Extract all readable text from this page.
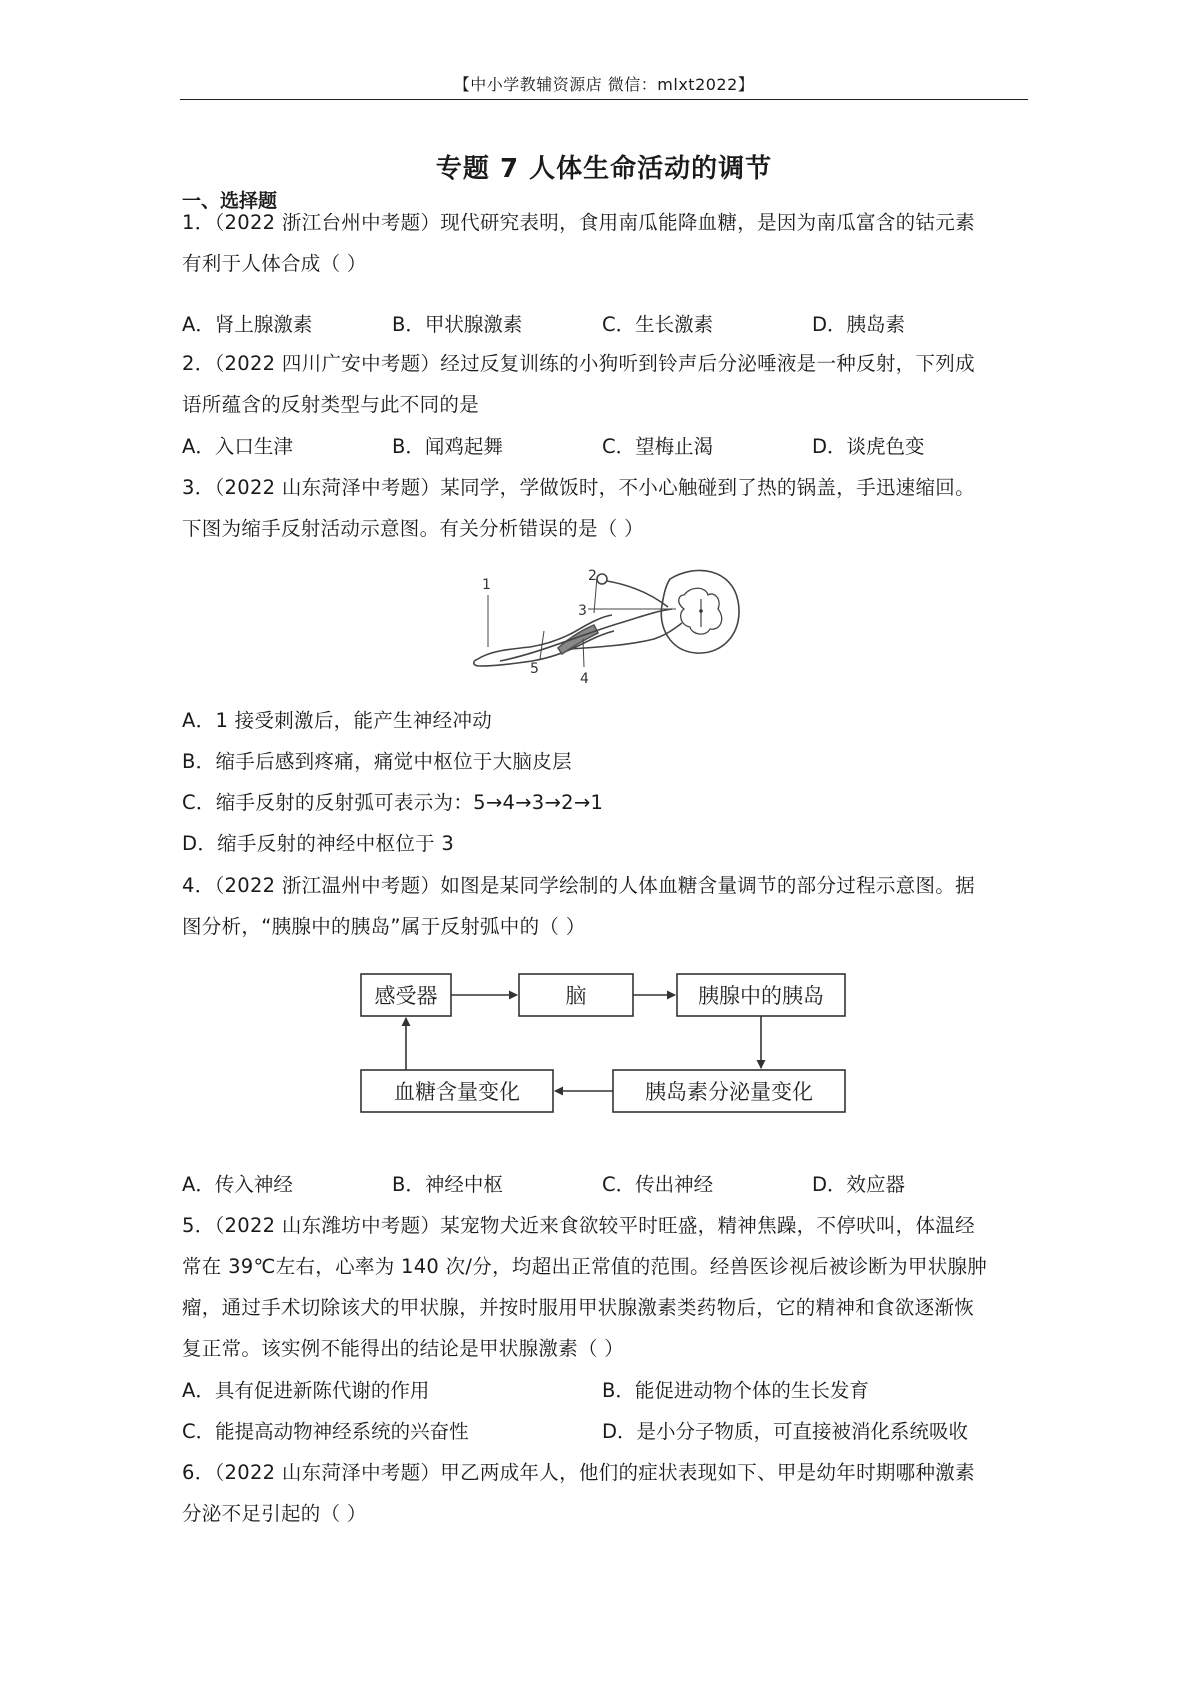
【中小学教辅资源店 微信：mlxt2022】
专题 7 人体生命活动的调节
一、选择题
1．（2022 浙江台州中考题）现代研究表明，食用南瓜能降血糖，是因为南瓜富含的钴元素
有利于人体合成（ ）
A．肾上腺激素	B．甲状腺激素	C．生长激素	D．胰岛素
2．（2022 四川广安中考题）经过反复训练的小狗听到铃声后分泌唾液是一种反射，下列成
语所蕴含的反射类型与此不同的是
A．入口生津	B．闻鸡起舞	C．望梅止渴	D．谈虎色变
3．（2022 山东菏泽中考题）某同学，学做饭时，不小心触碰到了热的锅盖，手迅速缩回。
下图为缩手反射活动示意图。有关分析错误的是（ ）
1
2
3
4
5
A．1 接受刺激后，能产生神经冲动
B．缩手后感到疼痛，痛觉中枢位于大脑皮层
C．缩手反射的反射弧可表示为：5→4→3→2→1
D．缩手反射的神经中枢位于 3
4．（2022 浙江温州中考题）如图是某同学绘制的人体血糖含量调节的部分过程示意图。据
图分析，“胰腺中的胰岛”属于反射弧中的（ ）
感受器	脑	胰腺中的胰岛
胰岛素分泌量变化
血糖含量变化
A．传入神经	B．神经中枢	C．传出神经	D．效应器
5．（2022 山东潍坊中考题）某宠物犬近来食欲较平时旺盛，精神焦躁，不停吠叫，体温经
常在 39℃左右，心率为 140 次/分，均超出正常值的范围。经兽医诊视后被诊断为甲状腺肿
瘤，通过手术切除该犬的甲状腺，并按时服用甲状腺激素类药物后，它的精神和食欲逐渐恢
复正常。该实例不能得出的结论是甲状腺激素（ ）
A．具有促进新陈代谢的作用	B．能促进动物个体的生长发育
C．能提高动物神经系统的兴奋性	D．是小分子物质，可直接被消化系统吸收
6．（2022 山东菏泽中考题）甲乙两成年人，他们的症状表现如下、甲是幼年时期哪种激素
分泌不足引起的（ ）
